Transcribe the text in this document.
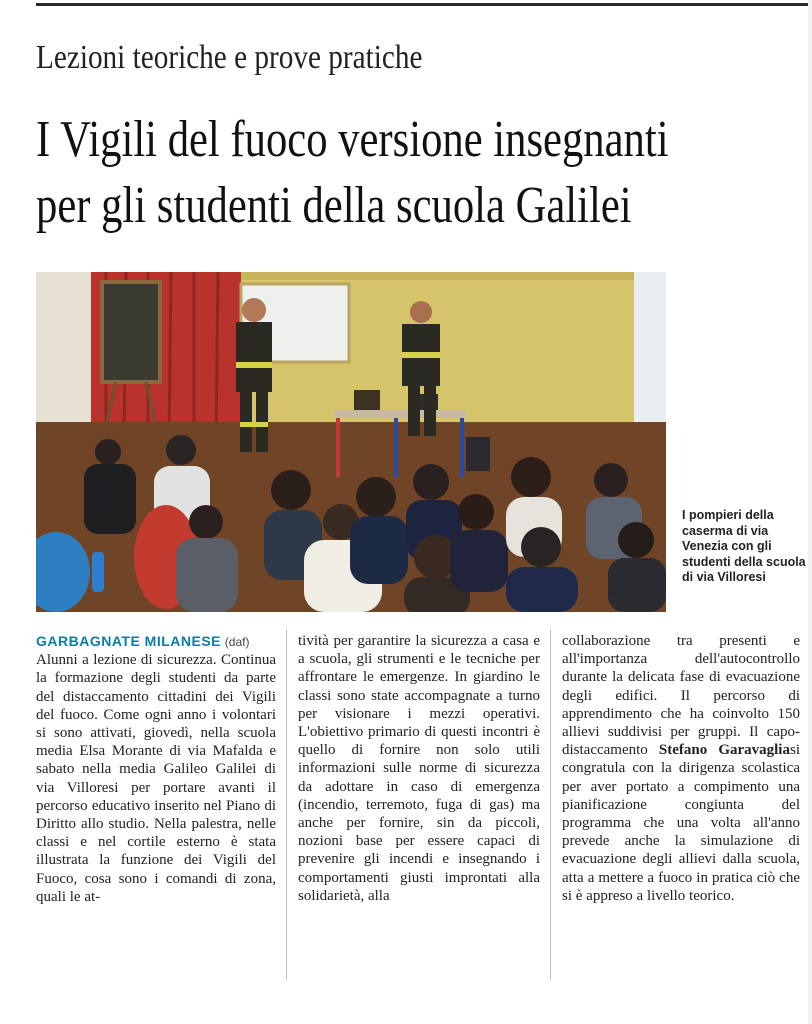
Lezioni teoriche e prove pratiche
I Vigili del fuoco versione insegnanti
per gli studenti della scuola Galilei
I pompieri della caserma di via Venezia con gli studenti della scuola di via Villoresi
GARBAGNATE MILANESE (daf)
Alunni a lezione di sicurezza. Continua la formazione degli studenti da parte del distaccamento cittadini dei Vigili del fuoco. Come ogni anno i volontari si sono attivati, giovedì, nella scuola media Elsa Morante di via Mafalda e sabato nella media Galileo Galilei di via Villoresi per portare avanti il percorso educativo inserito nel Piano di Diritto allo studio. Nella palestra, nelle classi e nel cortile esterno è stata illustrata la funzione dei Vigili del Fuoco, cosa sono i comandi di zona, quali le at-
tività per garantire la sicurezza a casa e a scuola, gli strumenti e le tecniche per affrontare le emergenze. In giardino le classi sono state accompagnate a turno per visionare i mezzi operativi. L'obiettivo primario di questi incontri è quello di fornire non solo utili informazioni sulle norme di sicurezza da adottare in caso di emergenza (incendio, terremoto, fuga di gas) ma anche per fornire, sin da piccoli, nozioni base per essere capaci di prevenire gli incendi e insegnando i comportamenti giusti improntati alla solidarietà, alla
collaborazione tra presenti e all'importanza dell'autocontrollo durante la delicata fase di evacuazione degli edifici. Il percorso di apprendimento che ha coinvolto 150 allievi suddivisi per gruppi. Il capo-distaccamento Stefano Garavagliasi congratula con la dirigenza scolastica per aver portato a compimento una pianificazione congiunta del programma che una volta all'anno prevede anche la simulazione di evacuazione degli allievi dalla scuola, atta a mettere a fuoco in pratica ciò che si è appreso a livello teorico.
